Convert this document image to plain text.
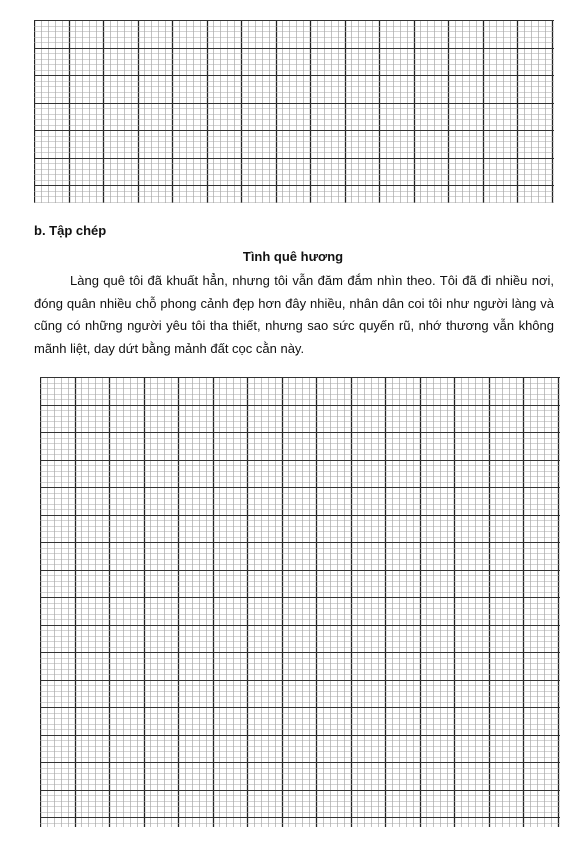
b. Tập chép

Tình quê hương

Làng quê tôi đã khuất hẳn, nhưng tôi vẫn đăm đắm nhìn theo. Tôi đã đi nhiều nơi, đóng quân nhiều chỗ phong cảnh đẹp hơn đây nhiều, nhân dân coi tôi như người làng và cũng có những người yêu tôi tha thiết, nhưng sao sức quyến rũ, nhớ thương vẫn không mãnh liệt, day dứt bằng mảnh đất cọc cằn này.
